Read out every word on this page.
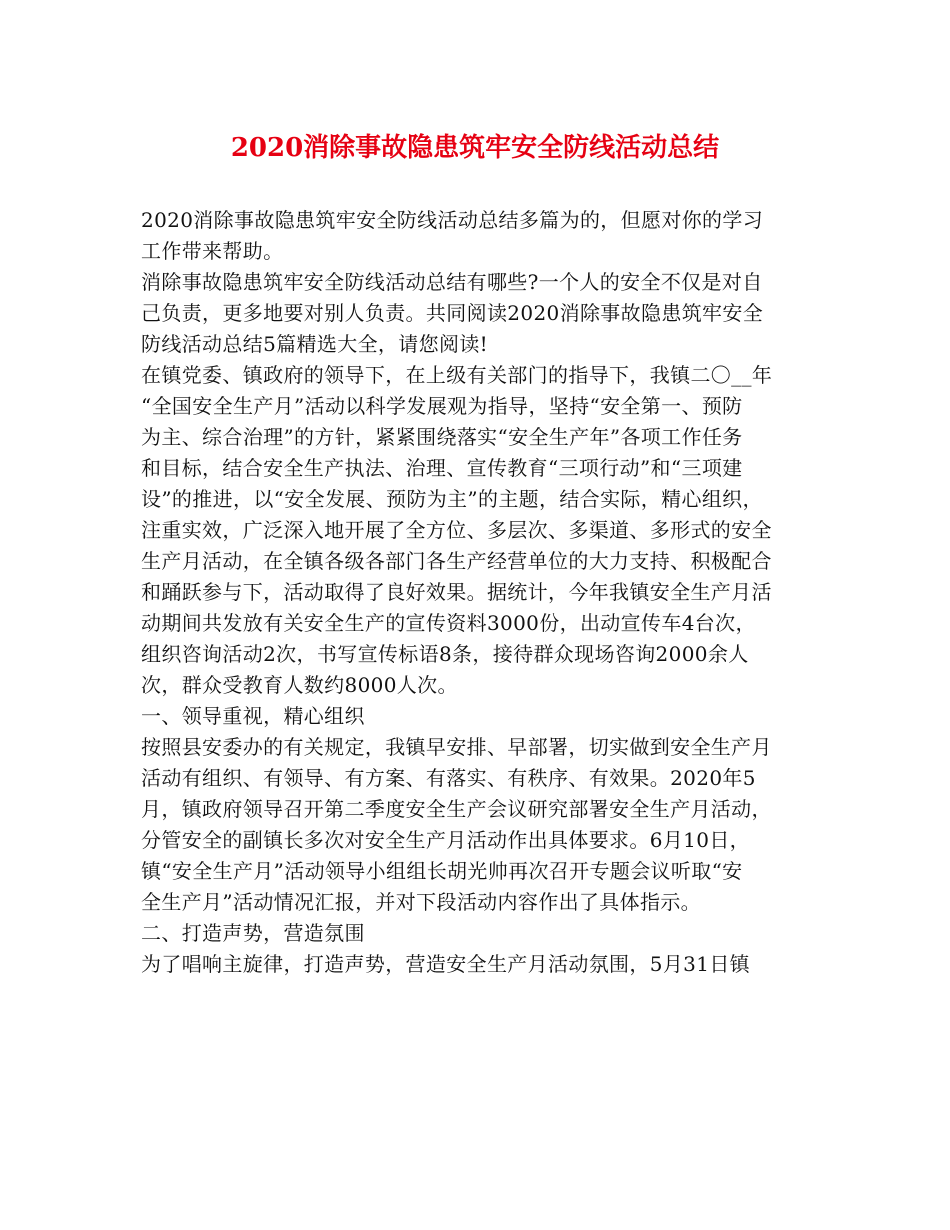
2020消除事故隐患筑牢安全防线活动总结
2020消除事故隐患筑牢安全防线活动总结多篇为的，但愿对你的学习
工作带来帮助。
消除事故隐患筑牢安全防线活动总结有哪些?一个人的安全不仅是对自
己负责，更多地要对别人负责。共同阅读2020消除事故隐患筑牢安全
防线活动总结5篇精选大全，请您阅读!
在镇党委、镇政府的领导下，在上级有关部门的指导下，我镇二〇__年
“全国安全生产月”活动以科学发展观为指导，坚持“安全第一、预防
为主、综合治理”的方针，紧紧围绕落实“安全生产年”各项工作任务
和目标，结合安全生产执法、治理、宣传教育“三项行动”和“三项建
设”的推进，以“安全发展、预防为主”的主题，结合实际，精心组织，
注重实效，广泛深入地开展了全方位、多层次、多渠道、多形式的安全
生产月活动，在全镇各级各部门各生产经营单位的大力支持、积极配合
和踊跃参与下，活动取得了良好效果。据统计，今年我镇安全生产月活
动期间共发放有关安全生产的宣传资料3000份，出动宣传车4台次，
组织咨询活动2次，书写宣传标语8条，接待群众现场咨询2000余人
次，群众受教育人数约8000人次。
一、领导重视，精心组织
按照县安委办的有关规定，我镇早安排、早部署，切实做到安全生产月
活动有组织、有领导、有方案、有落实、有秩序、有效果。2020年5
月，镇政府领导召开第二季度安全生产会议研究部署安全生产月活动，
分管安全的副镇长多次对安全生产月活动作出具体要求。6月10日，
镇“安全生产月”活动领导小组组长胡光帅再次召开专题会议听取“安
全生产月”活动情况汇报，并对下段活动内容作出了具体指示。
二、打造声势，营造氛围
为了唱响主旋律，打造声势，营造安全生产月活动氛围，5月31日镇
